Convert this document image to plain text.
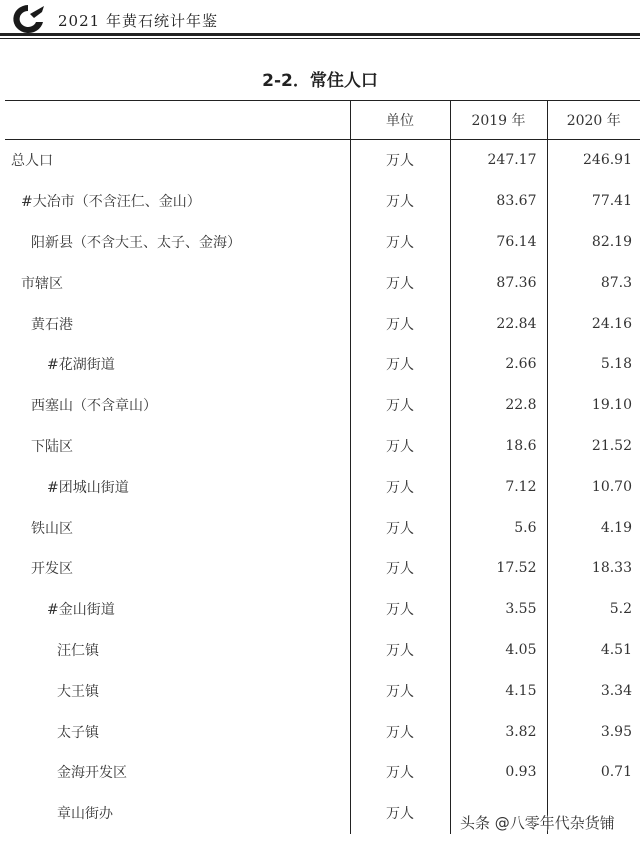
2021 年黄石统计年鉴
2-2．常住人口
	单位	2019 年	2020 年
总人口	万人	247.17	246.91
#大冶市（不含汪仁、金山）	万人	83.67	77.41
阳新县（不含大王、太子、金海）	万人	76.14	82.19
市辖区	万人	87.36	87.3
黄石港	万人	22.84	24.16
#花湖街道	万人	2.66	5.18
西塞山（不含章山）	万人	22.8	19.10
下陆区	万人	18.6	21.52
#团城山街道	万人	7.12	10.70
铁山区	万人	5.6	4.19
开发区	万人	17.52	18.33
#金山街道	万人	3.55	5.2
汪仁镇	万人	4.05	4.51
大王镇	万人	4.15	3.34
太子镇	万人	3.82	3.95
金海开发区	万人	0.93	0.71
章山街办	万人			头条 @八零年代杂货铺
